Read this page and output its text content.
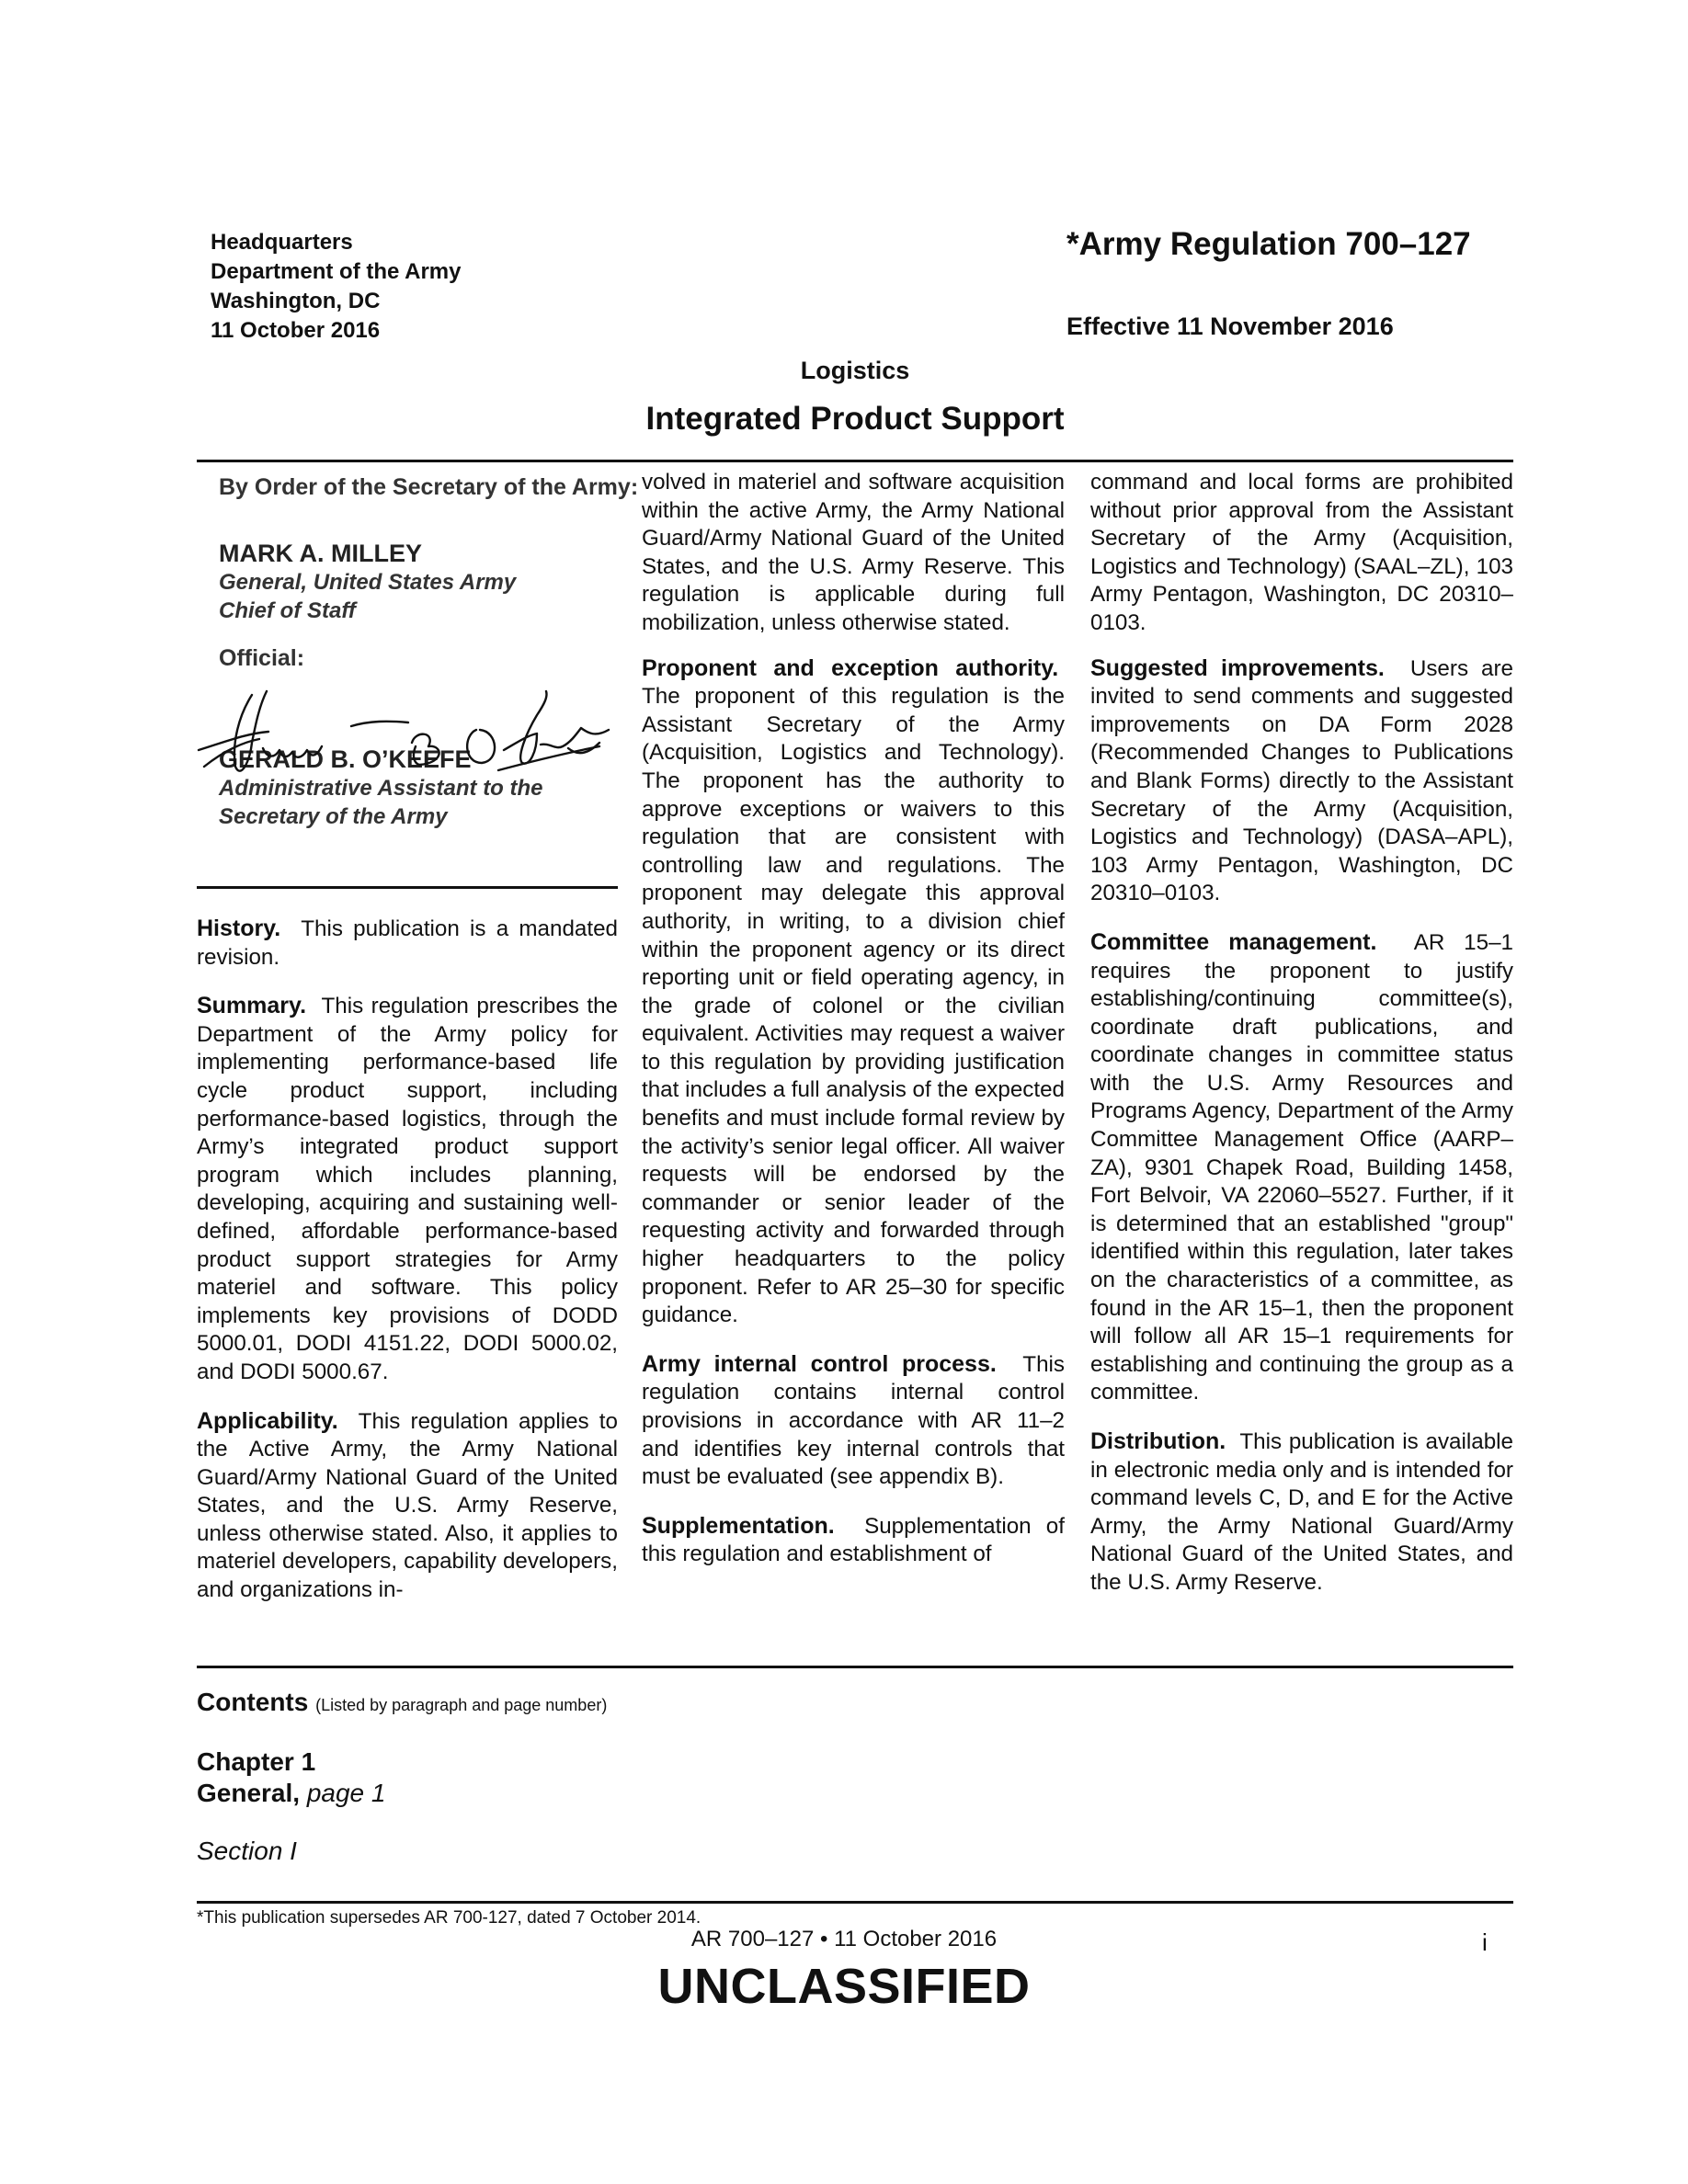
Headquarters
Department of the Army
Washington, DC
11 October 2016
*Army Regulation 700–127
Effective 11 November 2016
Logistics
Integrated Product Support
By Order of the Secretary of the Army:
MARK A. MILLEY
General, United States Army
Chief of Staff
Official:
GERALD B. O’KEEFE
Administrative Assistant to the
Secretary of the Army

History. This publication is a mandated revision.

Summary. This regulation prescribes the Department of the Army policy for implementing performance-based life cycle product support, including performance-based logistics, through the Army’s integrated product support program which includes planning, developing, acquiring and sustaining well-defined, affordable performance-based product support strategies for Army materiel and software. This policy implements key provisions of DODD 5000.01, DODI 4151.22, DODI 5000.02, and DODI 5000.67.

Applicability. This regulation applies to the Active Army, the Army National Guard/Army National Guard of the United States, and the U.S. Army Reserve, unless otherwise stated. Also, it applies to materiel developers, capability developers, and organizations in-

volved in materiel and software acquisition within the active Army, the Army National Guard/Army National Guard of the United States, and the U.S. Army Reserve. This regulation is applicable during full mobilization, unless otherwise stated.

Proponent and exception authority.  The proponent of this regulation is the Assistant Secretary of the Army (Acquisition, Logistics and Technology). The proponent has the authority to approve exceptions or waivers to this regulation that are consistent with controlling law and regulations. The proponent may delegate this approval authority, in writing, to a division chief within the proponent agency or its direct reporting unit or field operating agency, in the grade of colonel or the civilian equivalent. Activities may request a waiver to this regulation by providing justification that includes a full analysis of the expected benefits and must include formal review by the activity’s senior legal officer. All waiver requests will be endorsed by the commander or senior leader of the requesting activity and forwarded through higher headquarters to the policy proponent. Refer to AR 25–30 for specific guidance.

Army internal control process. This regulation contains internal control provisions in accordance with AR 11–2 and identifies key internal controls that must be evaluated (see appendix B).

Supplementation. Supplementation of this regulation and establishment of

command and local forms are prohibited without prior approval from the Assistant Secretary of the Army (Acquisition, Logistics and Technology) (SAAL–ZL), 103 Army Pentagon, Washington, DC 20310–0103.

Suggested improvements. Users are invited to send comments and suggested improvements on DA Form 2028 (Recommended Changes to Publications and Blank Forms) directly to the Assistant Secretary of the Army (Acquisition, Logistics and Technology) (DASA–APL), 103 Army Pentagon, Washington, DC 20310–0103.

Committee management. AR 15–1 requires the proponent to justify establishing/continuing committee(s), coordinate draft publications, and coordinate changes in committee status with the U.S. Army Resources and Programs Agency, Department of the Army Committee Management Office (AARP–ZA), 9301 Chapek Road, Building 1458, Fort Belvoir, VA 22060–5527. Further, if it is determined that an established "group" identified within this regulation, later takes on the characteristics of a committee, as found in the AR 15–1, then the proponent will follow all AR 15–1 requirements for establishing and continuing the group as a committee.

Distribution. This publication is available in electronic media only and is intended for command levels C, D, and E for the Active Army, the Army National Guard/Army National Guard of the United States, and the U.S. Army Reserve.

Contents (Listed by paragraph and page number)
Chapter 1
General, page 1
Section I
*This publication supersedes AR 700-127, dated 7 October 2014.
AR 700–127 • 11 October 2016	i
UNCLASSIFIED
